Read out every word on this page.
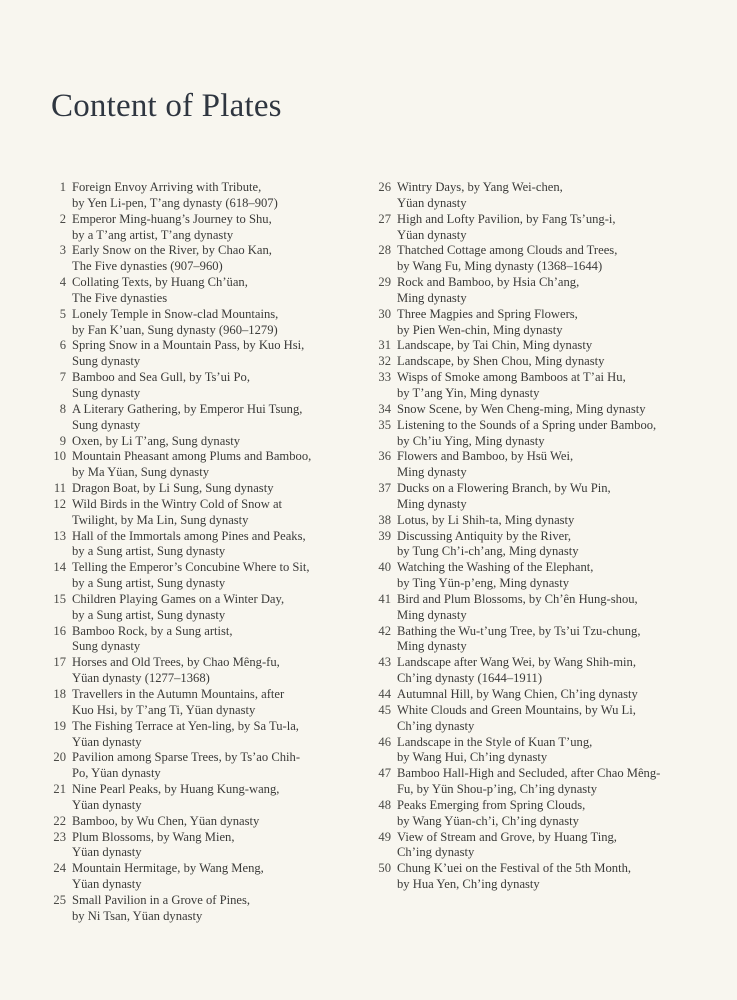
Content of Plates
1 Foreign Envoy Arriving with Tribute,
by Yen Li-pen, T’ang dynasty (618–907)
2 Emperor Ming-huang’s Journey to Shu,
by a T’ang artist, T’ang dynasty
3 Early Snow on the River, by Chao Kan,
The Five dynasties (907–960)
4 Collating Texts, by Huang Ch’üan,
The Five dynasties
5 Lonely Temple in Snow-clad Mountains,
by Fan K’uan, Sung dynasty (960–1279)
6 Spring Snow in a Mountain Pass, by Kuo Hsi,
Sung dynasty
7 Bamboo and Sea Gull, by Ts’ui Po,
Sung dynasty
8 A Literary Gathering, by Emperor Hui Tsung,
Sung dynasty
9 Oxen, by Li T’ang, Sung dynasty
10 Mountain Pheasant among Plums and Bamboo,
by Ma Yüan, Sung dynasty
11 Dragon Boat, by Li Sung, Sung dynasty
12 Wild Birds in the Wintry Cold of Snow at
Twilight, by Ma Lin, Sung dynasty
13 Hall of the Immortals among Pines and Peaks,
by a Sung artist, Sung dynasty
14 Telling the Emperor’s Concubine Where to Sit,
by a Sung artist, Sung dynasty
15 Children Playing Games on a Winter Day,
by a Sung artist, Sung dynasty
16 Bamboo Rock, by a Sung artist,
Sung dynasty
17 Horses and Old Trees, by Chao Mêng-fu,
Yüan dynasty (1277–1368)
18 Travellers in the Autumn Mountains, after
Kuo Hsi, by T’ang Ti, Yüan dynasty
19 The Fishing Terrace at Yen-ling, by Sa Tu-la,
Yüan dynasty
20 Pavilion among Sparse Trees, by Ts’ao Chih-
Po, Yüan dynasty
21 Nine Pearl Peaks, by Huang Kung-wang,
Yüan dynasty
22 Bamboo, by Wu Chen, Yüan dynasty
23 Plum Blossoms, by Wang Mien,
Yüan dynasty
24 Mountain Hermitage, by Wang Meng,
Yüan dynasty
25 Small Pavilion in a Grove of Pines,
by Ni Tsan, Yüan dynasty
26 Wintry Days, by Yang Wei-chen,
Yüan dynasty
27 High and Lofty Pavilion, by Fang Ts’ung-i,
Yüan dynasty
28 Thatched Cottage among Clouds and Trees,
by Wang Fu, Ming dynasty (1368–1644)
29 Rock and Bamboo, by Hsia Ch’ang,
Ming dynasty
30 Three Magpies and Spring Flowers,
by Pien Wen-chin, Ming dynasty
31 Landscape, by Tai Chin, Ming dynasty
32 Landscape, by Shen Chou, Ming dynasty
33 Wisps of Smoke among Bamboos at T’ai Hu,
by T’ang Yin, Ming dynasty
34 Snow Scene, by Wen Cheng-ming, Ming dynasty
35 Listening to the Sounds of a Spring under Bamboo,
by Ch’iu Ying, Ming dynasty
36 Flowers and Bamboo, by Hsü Wei,
Ming dynasty
37 Ducks on a Flowering Branch, by Wu Pin,
Ming dynasty
38 Lotus, by Li Shih-ta, Ming dynasty
39 Discussing Antiquity by the River,
by Tung Ch’i-ch’ang, Ming dynasty
40 Watching the Washing of the Elephant,
by Ting Yün-p’eng, Ming dynasty
41 Bird and Plum Blossoms, by Ch’ên Hung-shou,
Ming dynasty
42 Bathing the Wu-t’ung Tree, by Ts’ui Tzu-chung,
Ming dynasty
43 Landscape after Wang Wei, by Wang Shih-min,
Ch’ing dynasty (1644–1911)
44 Autumnal Hill, by Wang Chien, Ch’ing dynasty
45 White Clouds and Green Mountains, by Wu Li,
Ch’ing dynasty
46 Landscape in the Style of Kuan T’ung,
by Wang Hui, Ch’ing dynasty
47 Bamboo Hall-High and Secluded, after Chao Mêng-
Fu, by Yün Shou-p’ing, Ch’ing dynasty
48 Peaks Emerging from Spring Clouds,
by Wang Yüan-ch’i, Ch’ing dynasty
49 View of Stream and Grove, by Huang Ting,
Ch’ing dynasty
50 Chung K’uei on the Festival of the 5th Month,
by Hua Yen, Ch’ing dynasty
